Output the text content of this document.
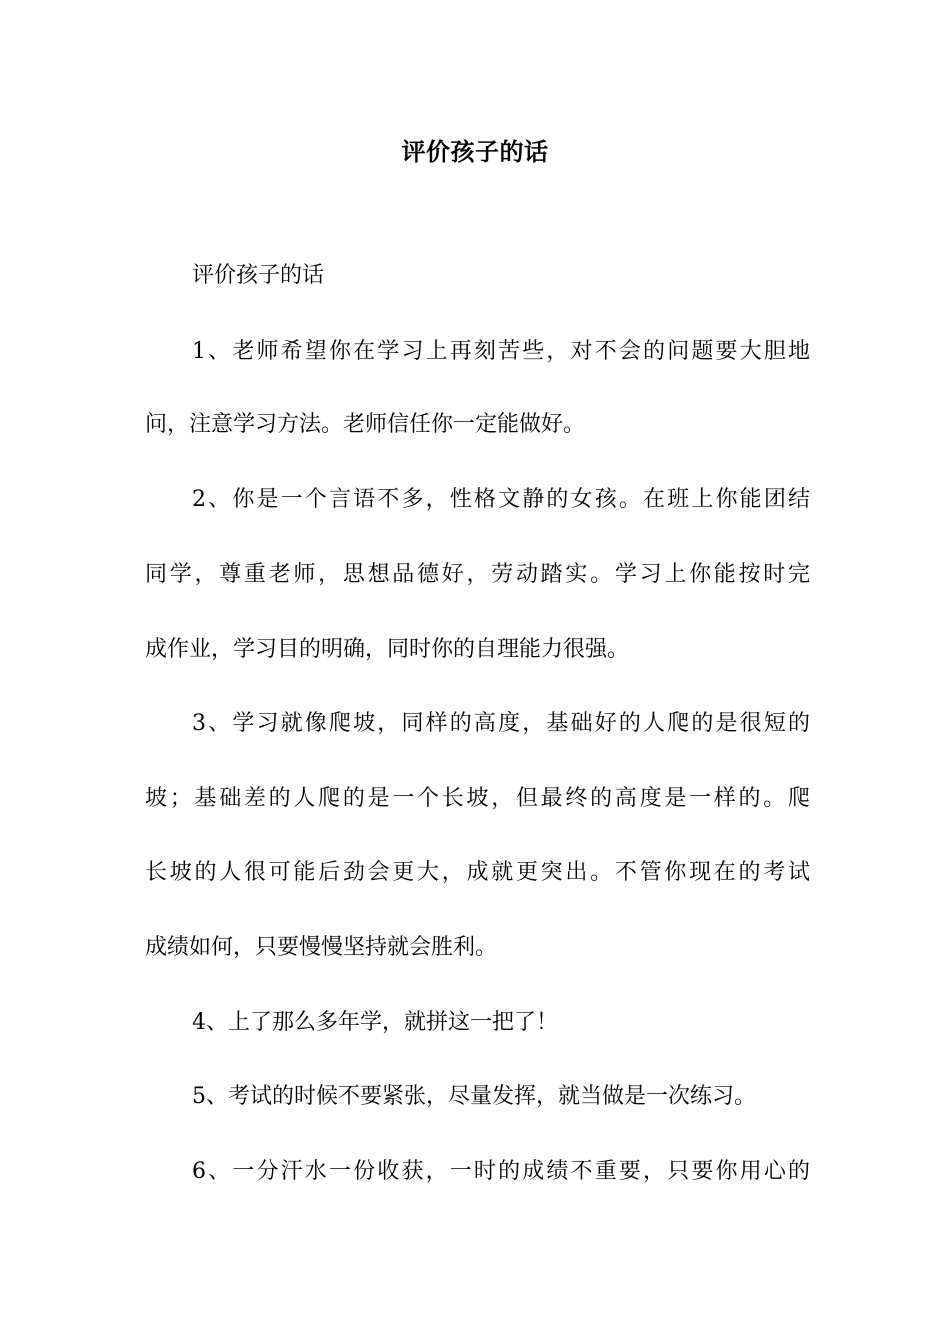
评价孩子的话
评价孩子的话
1、老师希望你在学习上再刻苦些，对不会的问题要大胆地
问，注意学习方法。老师信任你一定能做好。
2、你是一个言语不多，性格文静的女孩。在班上你能团结
同学，尊重老师，思想品德好，劳动踏实。学习上你能按时完
成作业，学习目的明确，同时你的自理能力很强。
3、学习就像爬坡，同样的高度，基础好的人爬的是很短的
坡；基础差的人爬的是一个长坡，但最终的高度是一样的。爬
长坡的人很可能后劲会更大，成就更突出。不管你现在的考试
成绩如何，只要慢慢坚持就会胜利。
4、上了那么多年学，就拼这一把了！
5、考试的时候不要紧张，尽量发挥，就当做是一次练习。
6、一分汗水一份收获，一时的成绩不重要，只要你用心的
